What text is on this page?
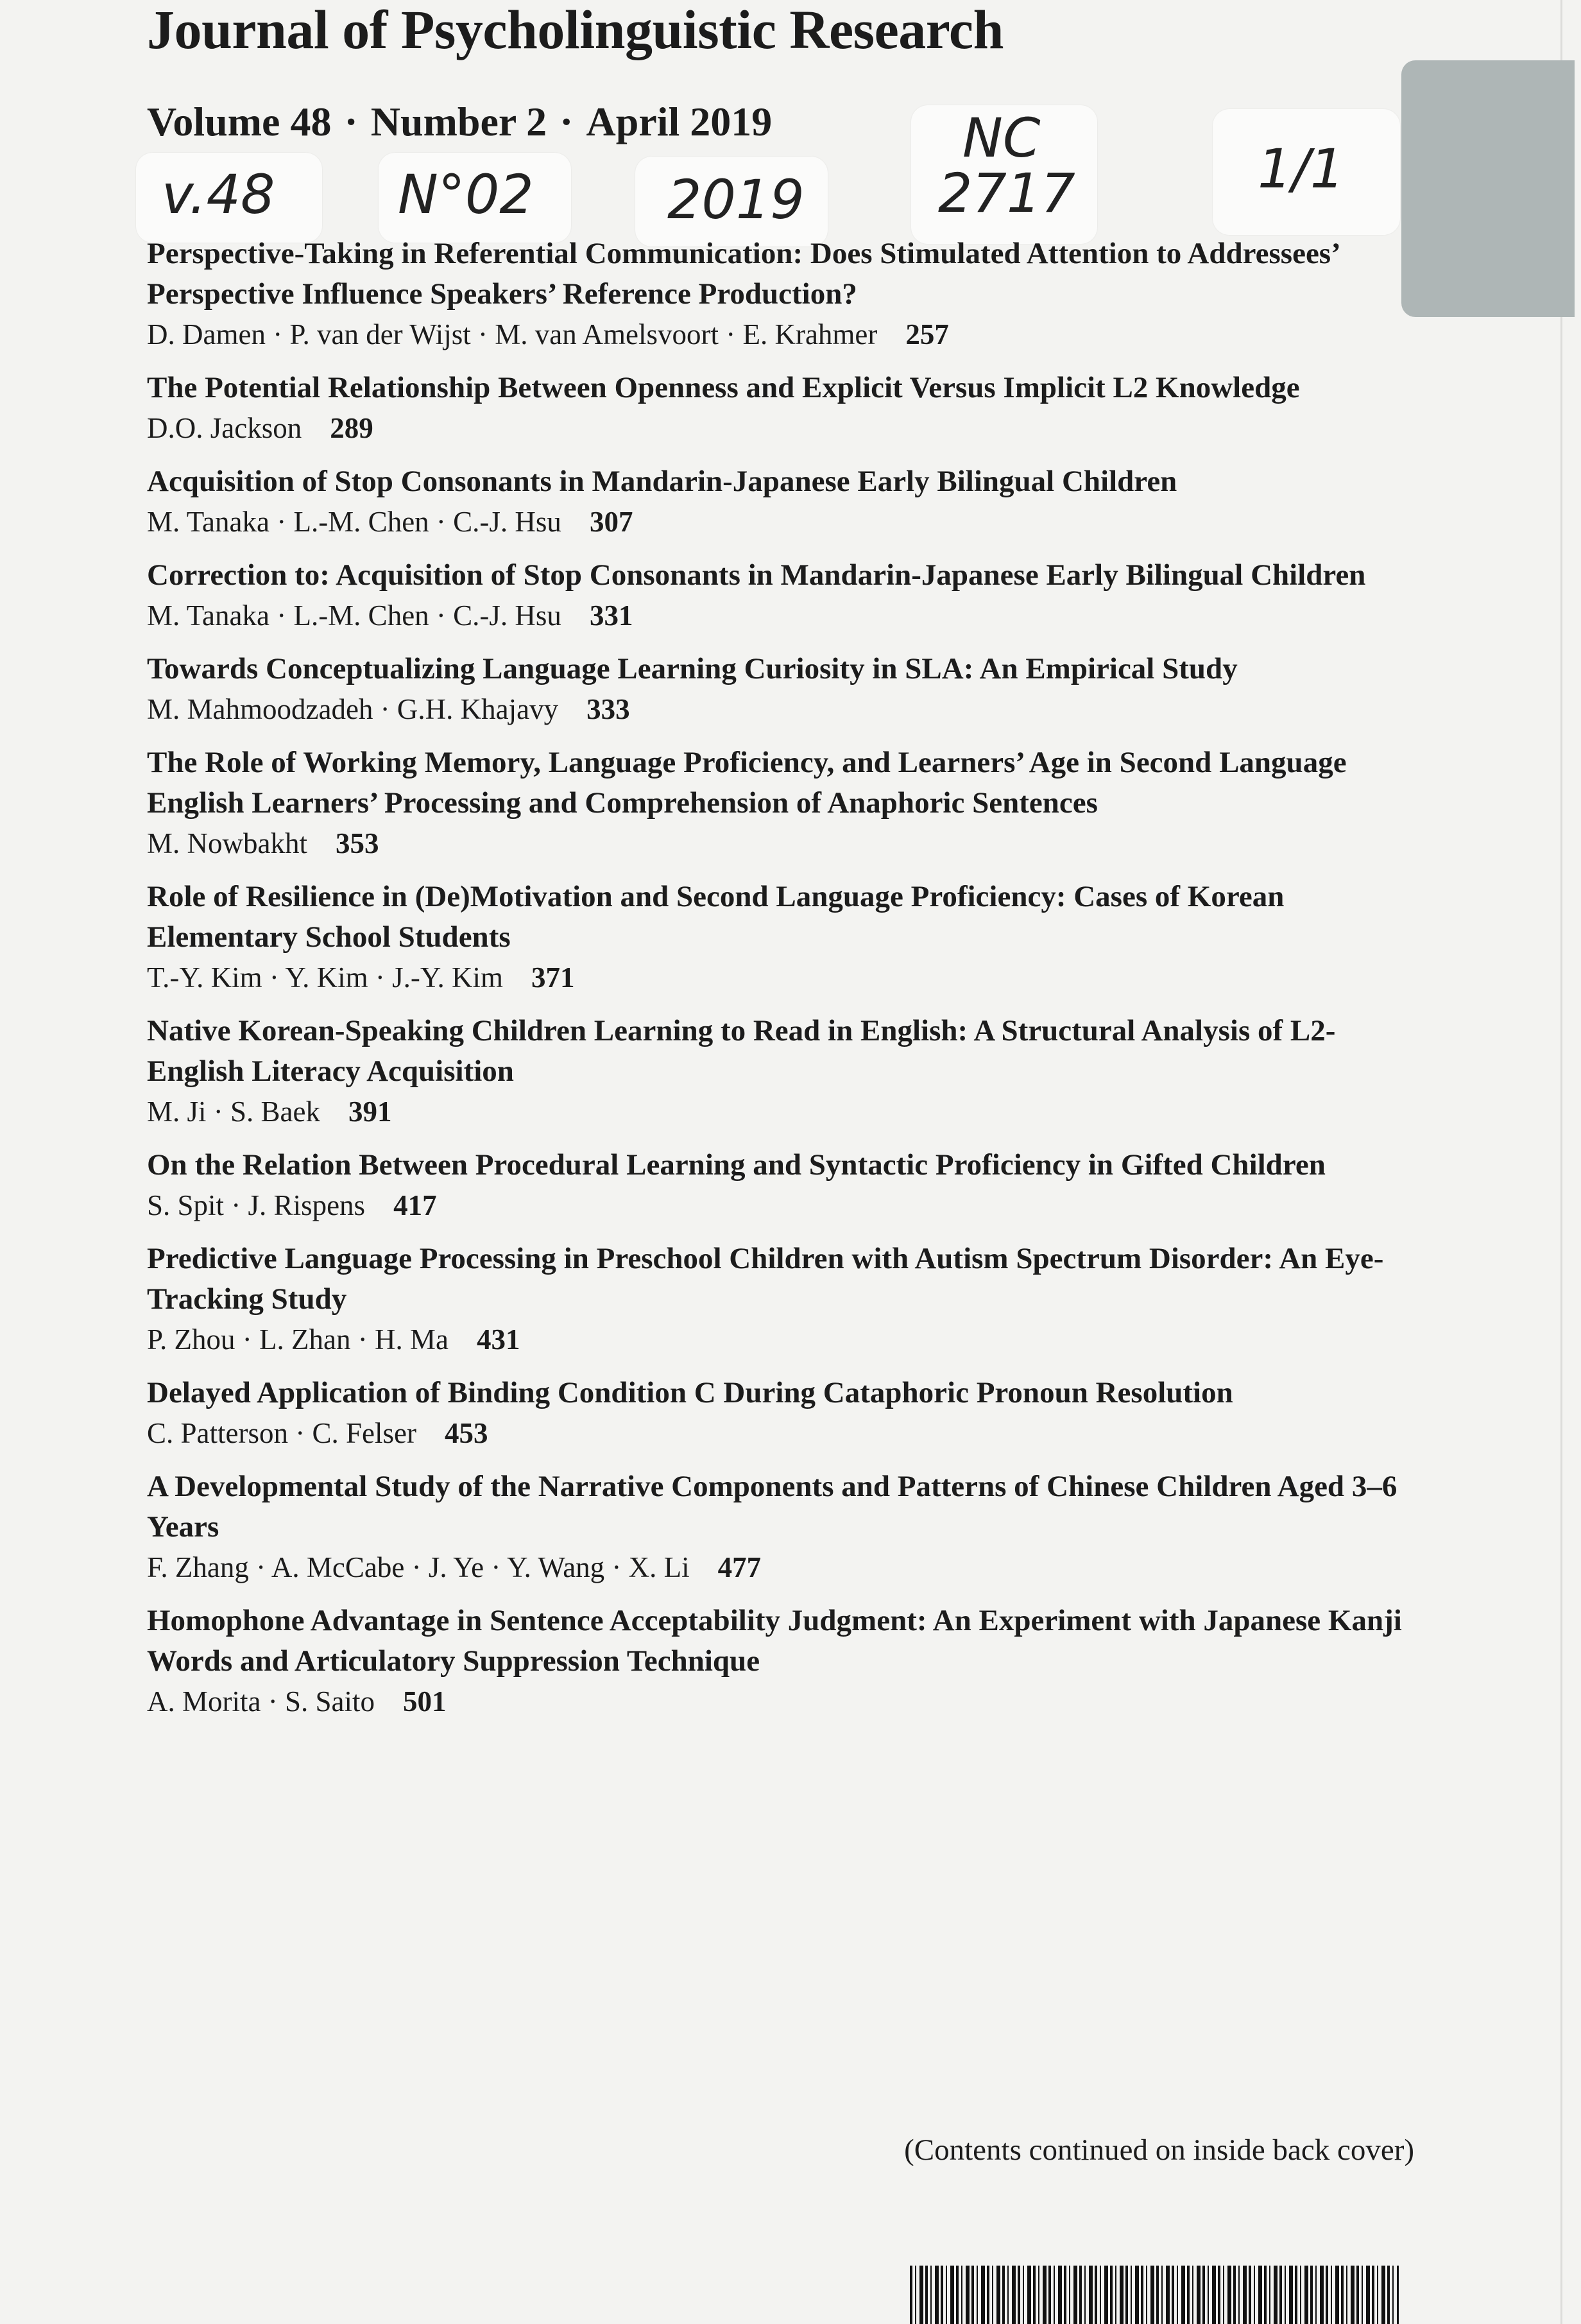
Journal of Psycholinguistic Research
Volume 48 · Number 2 · April 2019
v.48 N°02 2019
NC
2717	1/1

Perspective-Taking in Referential Communication: Does Stimulated Attention to Addressees’ Perspective Influence Speakers’ Reference Production?

D. Damen · P. van der Wijst · M. van Amelsvoort · E. Krahmer 257

The Potential Relationship Between Openness and Explicit Versus Implicit L2 Knowledge

D.O. Jackson 289

Acquisition of Stop Consonants in Mandarin-Japanese Early Bilingual Children

M. Tanaka · L.-M. Chen · C.-J. Hsu 307

Correction to: Acquisition of Stop Consonants in Mandarin-Japanese Early Bilingual Children

M. Tanaka · L.-M. Chen · C.-J. Hsu 331

Towards Conceptualizing Language Learning Curiosity in SLA: An Empirical Study

M. Mahmoodzadeh · G.H. Khajavy 333

The Role of Working Memory, Language Proficiency, and Learners’ Age in Second Language English Learners’ Processing and Comprehension of Anaphoric Sentences

M. Nowbakht 353

Role of Resilience in (De)Motivation and Second Language Proficiency: Cases of Korean Elementary School Students

T.-Y. Kim · Y. Kim · J.-Y. Kim 371

Native Korean-Speaking Children Learning to Read in English: A Structural Analysis of L2-English Literacy Acquisition

M. Ji · S. Baek 391

On the Relation Between Procedural Learning and Syntactic Proficiency in Gifted Children

S. Spit · J. Rispens 417

Predictive Language Processing in Preschool Children with Autism Spectrum Disorder: An Eye-Tracking Study

P. Zhou · L. Zhan · H. Ma 431

Delayed Application of Binding Condition C During Cataphoric Pronoun Resolution

C. Patterson · C. Felser 453

A Developmental Study of the Narrative Components and Patterns of Chinese Children Aged 3–6 Years

F. Zhang · A. McCabe · J. Ye · Y. Wang · X. Li 477

Homophone Advantage in Sentence Acceptability Judgment: An Experiment with Japanese Kanji Words and Articulatory Suppression Technique

A. Morita · S. Saito 501

(Contents continued on inside back cover)
